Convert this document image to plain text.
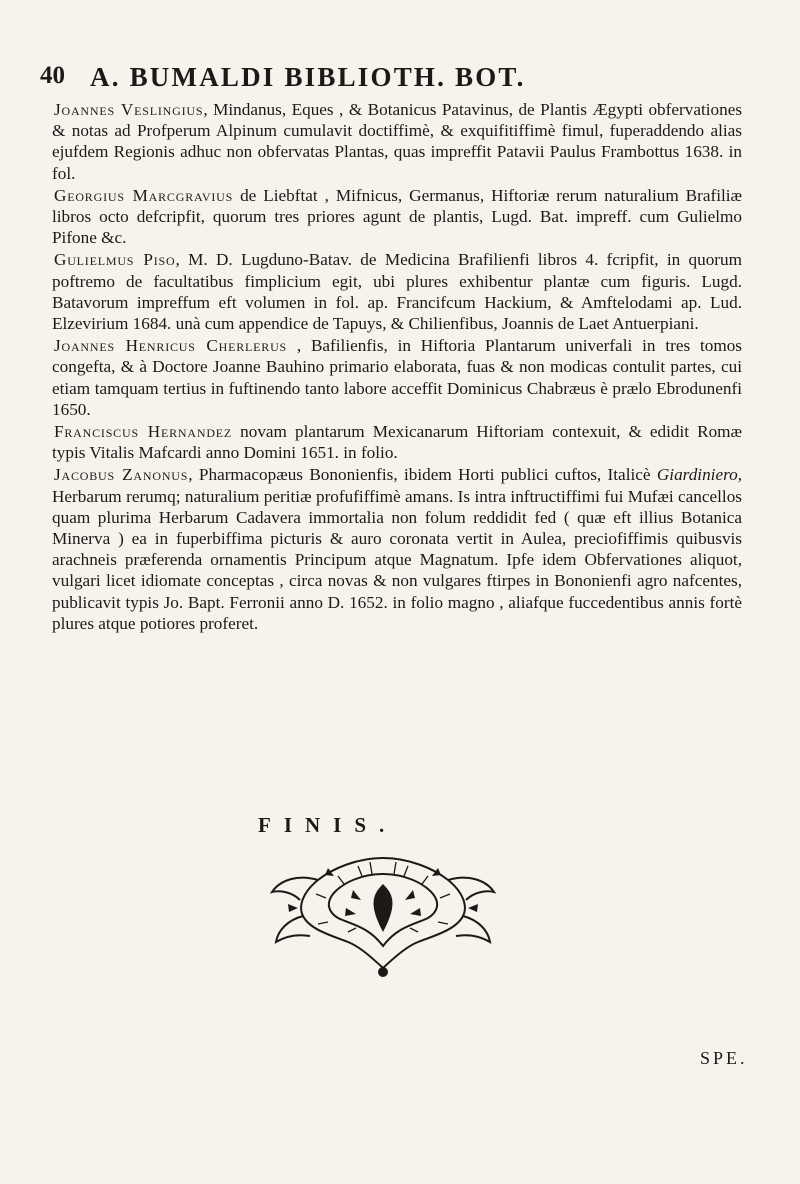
40 A. BUMALDI BIBLIOTH. BOT.

Joannes Veslingius, Mindanus, Eques , & Botanicus Patavinus, de Plantis Ægypti obfervationes & notas ad Profperum Alpinum cumulavit doctiffimè, & exquifitiffimè fimul, fuperaddendo alias ejufdem Regionis adhuc non obfervatas Plantas, quas impreffit Patavii Paulus Frambottus 1638. in fol.

Georgius Marcgravius de Liebftat , Mifnicus, Germanus, Hiftoriæ rerum naturalium Brafiliæ libros octo defcripfit, quorum tres priores agunt de plantis, Lugd. Bat. impreff. cum Gulielmo Pifone &c.

Gulielmus Piso, M. D. Lugduno-Batav. de Medicina Brafilienfi libros 4. fcripfit, in quorum poftremo de facultatibus fimplicium egit, ubi plures exhibentur plantæ cum figuris. Lugd. Batavorum impreffum eft volumen in fol. ap. Francifcum Hackium, & Amftelodami ap. Lud. Elzevirium 1684. unà cum appendice de Tapuys, & Chilienfibus, Joannis de Laet Antuerpiani.

Joannes Henricus Cherlerus , Bafilienfis, in Hiftoria Plantarum univerfali in tres tomos congefta, & à Doctore Joanne Bauhino primario elaborata, fuas & non modicas contulit partes, cui etiam tamquam tertius in fuftinendo tanto labore acceffit Dominicus Chabræus è prælo Ebrodunenfi 1650.

Franciscus Hernandez novam plantarum Mexicanarum Hiftoriam contexuit, & edidit Romæ typis Vitalis Mafcardi anno Domini 1651. in folio.

Jacobus Zanonus, Pharmacopæus Bononienfis, ibidem Horti publici cuftos, Italicè Giardiniero, Herbarum rerumq; naturalium peritiæ profufiffimè amans. Is intra inftructiffimi fui Mufæi cancellos quam plurima Herbarum Cadavera immortalia non folum reddidit fed ( quæ eft illius Botanica Minerva ) ea in fuperbiffima picturis & auro coronata vertit in Aulea, preciofiffimis quibusvis arachneis præferenda ornamentis Principum atque Magnatum. Ipfe idem Obfervationes aliquot, vulgari licet idiomate conceptas , circa novas & non vulgares ftirpes in Bononienfi agro nafcentes, publicavit typis Jo. Bapt. Ferronii anno D. 1652. in folio magno , aliafque fuccedentibus annis fortè plures atque potiores proferet.

FINIS.
SPE.
